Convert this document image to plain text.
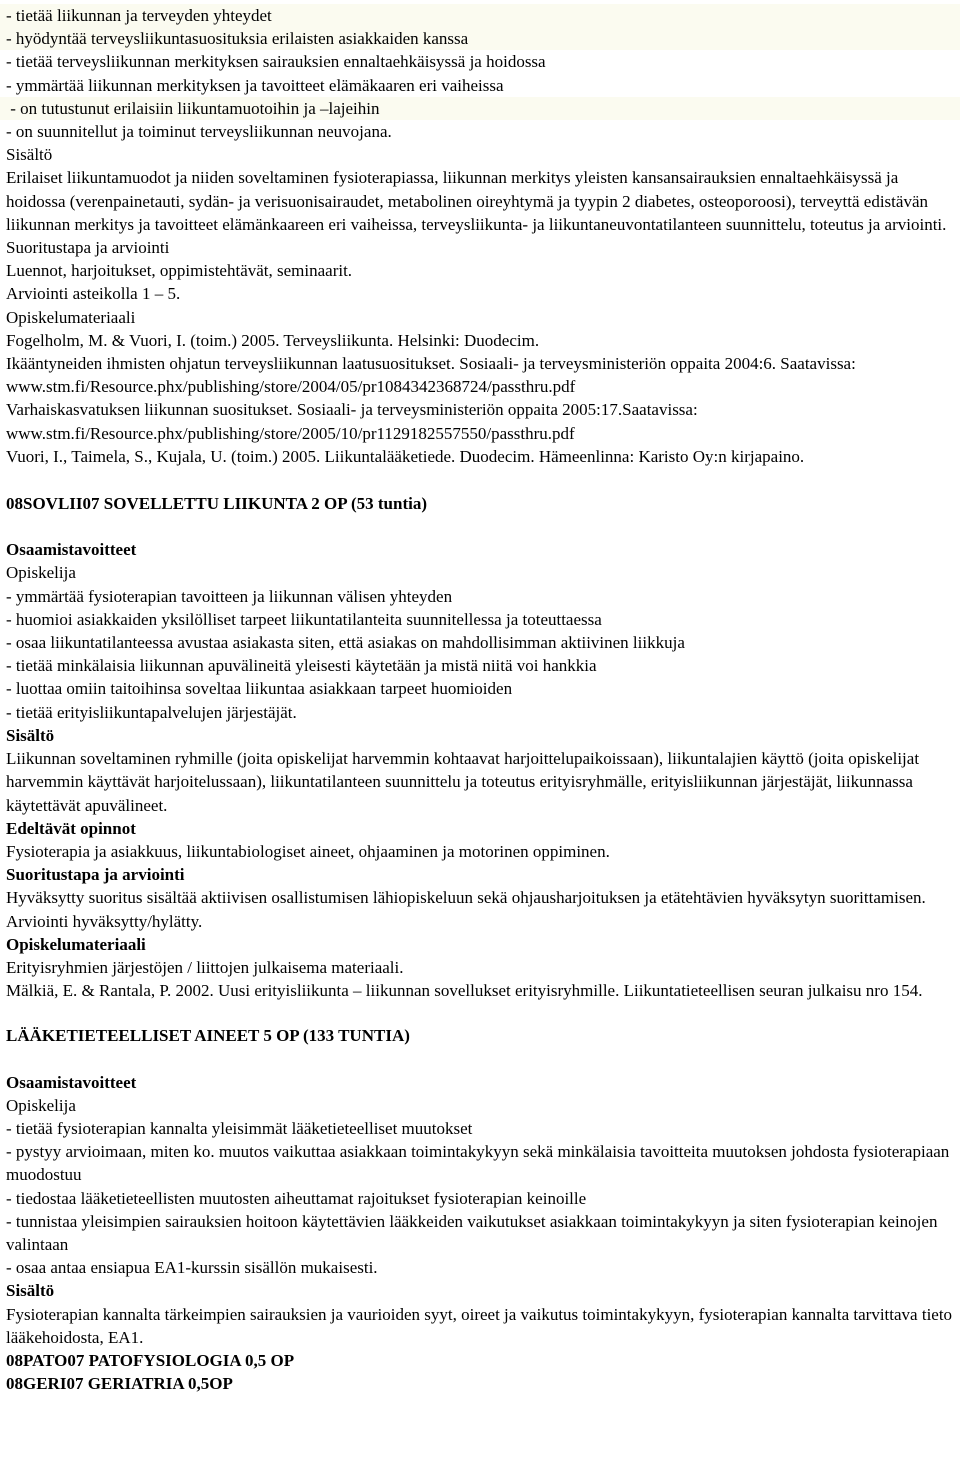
- tietää liikunnan ja terveyden yhteydet
- hyödyntää terveysliikuntasuosituksia erilaisten asiakkaiden kanssa
- tietää terveysliikunnan merkityksen sairauksien ennaltaehkäisyssä ja hoidossa
- ymmärtää liikunnan merkityksen ja tavoitteet elämäkaaren eri vaiheissa
- on tutustunut erilaisiin liikuntamuotoihin ja –lajeihin
- on suunnitellut ja toiminut terveysliikunnan neuvojana.
Sisältö

Erilaiset liikuntamuodot ja niiden soveltaminen fysioterapiassa, liikunnan merkitys yleisten kansansairauksien ennaltaehkäisyssä ja hoidossa (verenpainetauti, sydän- ja verisuonisairaudet, metabolinen oireyhtymä ja tyypin 2 diabetes, osteoporoosi), terveyttä edistävän liikunnan merkitys ja tavoitteet elämänkaareen eri vaiheissa, terveysliikunta- ja liikuntaneuvontatilanteen suunnittelu, toteutus ja arviointi.

Suoritustapa ja arviointi
Luennot, harjoitukset, oppimistehtävät, seminaarit.
Arviointi asteikolla 1 – 5.
Opiskelumateriaali
Fogelholm, M. & Vuori, I. (toim.) 2005. Terveysliikunta. Helsinki: Duodecim.

Ikääntyneiden ihmisten ohjatun terveysliikunnan laatusuositukset. Sosiaali- ja terveysministeriön oppaita 2004:6. Saatavissa: www.stm.fi/Resource.phx/publishing/store/2004/05/pr1084342368724/passthru.pdf

Varhaiskasvatuksen liikunnan suositukset. Sosiaali- ja terveysministeriön oppaita 2005:17.Saatavissa: www.stm.fi/Resource.phx/publishing/store/2005/10/pr1129182557550/passthru.pdf

Vuori, I., Taimela, S., Kujala, U. (toim.) 2005. Liikuntalääketiede. Duodecim. Hämeenlinna: Karisto Oy:n kirjapaino.
08SOVLII07 SOVELLETTU LIIKUNTA 2 OP (53 tuntia)
Osaamistavoitteet
Opiskelija
- ymmärtää fysioterapian tavoitteen ja liikunnan välisen yhteyden
- huomioi asiakkaiden yksilölliset tarpeet liikuntatilanteita suunnitellessa ja toteuttaessa
- osaa liikuntatilanteessa avustaa asiakasta siten, että asiakas on mahdollisimman aktiivinen liikkuja
- tietää minkälaisia liikunnan apuvälineitä yleisesti käytetään ja mistä niitä voi hankkia
- luottaa omiin taitoihinsa soveltaa liikuntaa asiakkaan tarpeet huomioiden
- tietää erityisliikuntapalvelujen järjestäjät.
Sisältö

Liikunnan soveltaminen ryhmille (joita opiskelijat harvemmin kohtaavat harjoittelupaikoissaan), liikuntalajien käyttö (joita opiskelijat harvemmin käyttävät harjoitelussaan), liikuntatilanteen suunnittelu ja toteutus erityisryhmälle, erityisliikunnan järjestäjät, liikunnassa käytettävät apuvälineet.

Edeltävät opinnot
Fysioterapia ja asiakkuus, liikuntabiologiset aineet, ohjaaminen ja motorinen oppiminen.
Suoritustapa ja arviointi

Hyväksytty suoritus sisältää aktiivisen osallistumisen lähiopiskeluun sekä ohjausharjoituksen ja etätehtävien hyväksytyn suorittamisen.

Arviointi hyväksytty/hylätty.
Opiskelumateriaali
Erityisryhmien järjestöjen / liittojen julkaisema materiaali.

Mälkiä, E. & Rantala, P. 2002. Uusi erityisliikunta – liikunnan sovellukset erityisryhmille. Liikuntatieteellisen seuran julkaisu nro 154.

LÄÄKETIETEELLISET AINEET 5 OP (133 TUNTIA)
Osaamistavoitteet
Opiskelija
- tietää fysioterapian kannalta yleisimmät lääketieteelliset muutokset

- pystyy arvioimaan, miten ko. muutos vaikuttaa asiakkaan toimintakykyyn sekä minkälaisia tavoitteita muutoksen johdosta fysioterapiaan muodostuu

- tiedostaa lääketieteellisten muutosten aiheuttamat rajoitukset fysioterapian keinoille

- tunnistaa yleisimpien sairauksien hoitoon käytettävien lääkkeiden vaikutukset asiakkaan toimintakykyyn ja siten fysioterapian keinojen valintaan

- osaa antaa ensiapua EA1-kurssin sisällön mukaisesti.
Sisältö

Fysioterapian kannalta tärkeimpien sairauksien ja vaurioiden syyt, oireet ja vaikutus toimintakykyyn, fysioterapian kannalta tarvittava tieto lääkehoidosta, EA1.

08PATO07 PATOFYSIOLOGIA 0,5 OP
08GERI07 GERIATRIA 0,5OP
